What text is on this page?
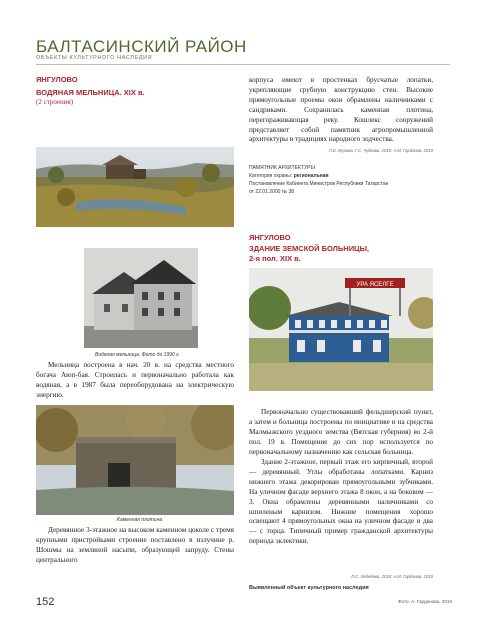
БАЛТАСИНСКИЙ РАЙОН
ОБЪЕКТЫ КУЛЬТУРНОГО НАСЛЕДИЯ
ЯНГУЛОВО
ВОДЯНАЯ МЕЛЬНИЦА. XIX в.
(2 строения)
Водяная мельница. Фото до 1990 г.

Мельница построена в нач. 20 в. на средства местного богача Аюп-бая. Строилась и первоначально работала как водяная, а в 1987 была переоборудована на электрическую энергию.

Каменная плотина

Деревянное 3-этажное на высоком каменном цоколе с тремя крупными пристройками строение поставлено в излучине р. Шошмы на земляной насыпи, образующей запруду. Стены центрального

корпуса имеют в простенках брусчатые лопатки, укрепляющие срубную конструкцию стен. Высокие прямоугольные проемы окон обрамлены наличниками с сандриками. Сохранилась каменная плотина, перегораживающая реку. Кошлекс сооружений представляет собой памятник агропромышленной архитектуры в традициях народного зодчества.

Л.Е. Жукова, Г.С. Чуйкова, 2018; А.М. Гарданов, 2019
ПАМЯТНИК АРХИТЕКТУРЫ
Категория охраны: региональная
Постановление Кабинета Министров Республики Татарстан
от 22.01.2000 № 38
ЯНГУЛОВО
ЗДАНИЕ ЗЕМСКОЙ БОЛЬНИЦЫ,
2-я пол. XIX в.
УРА ЯСЕЛГЕ

Первоначально существовавший фельдшерский пункт, а затем и больница построены по инициативе и на средства Малмыжского уездного земства (Вятская губерния) во 2-й пол. 19 в. Помещение до сих пор используется по первоначальному назначению как сельская больница.

Здание 2-этажное, первый этаж его кирпичный, второй — деревянный. Углы обработаны лопатками. Карниз нижнего этажа декорирован прямоугольными зубчиками. На уличном фасаде верхнего этажа 8 окон, а на боковом — 3. Окна обрамлены деревянными наличниками со шпиленым карнизом. Нижние помещения хорошо освещают 4 прямоугольных окна на уличном фасаде и два — с торца. Типичный пример гражданской архитектуры периода эклектики.

Л.С. Лебедева, 2018; А.М. Гарданов, 2019
Выявленный объект культурного наследия
152	Фото: А. Гарданова, 2016
